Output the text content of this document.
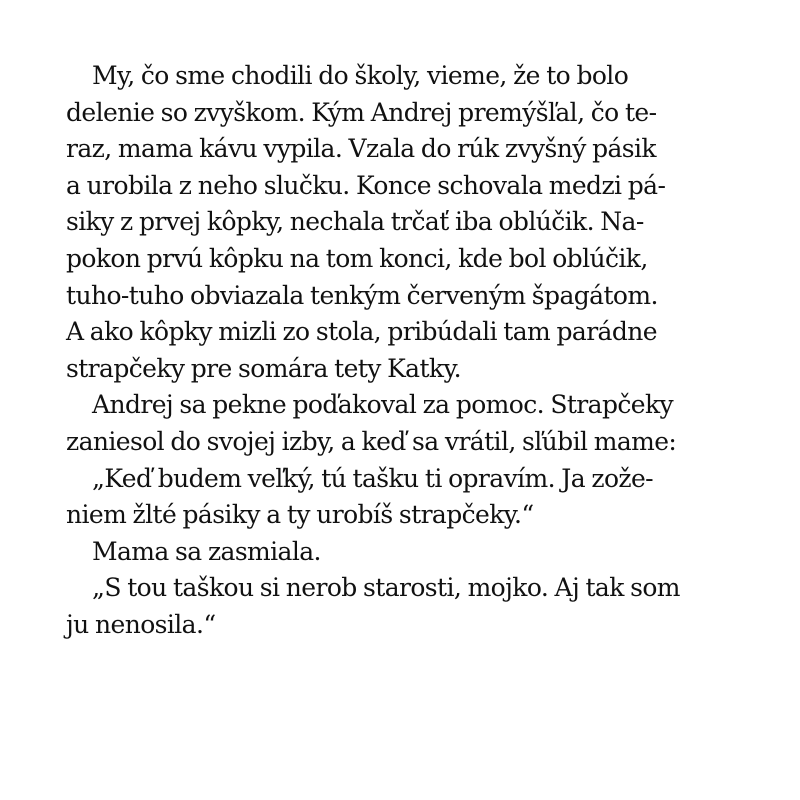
My, čo sme chodili do školy, vieme, že to bolo
delenie so zvyškom. Kým Andrej premýšľal, čo te-
raz, mama kávu vypila. Vzala do rúk zvyšný pásik
a urobila z neho slučku. Konce schovala medzi pá-
siky z prvej kôpky, nechala trčať iba oblúčik. Na-
pokon prvú kôpku na tom konci, kde bol oblúčik,
tuho-tuho obviazala tenkým červeným špagátom.
A ako kôpky mizli zo stola, pribúdali tam parádne
strapčeky pre somára tety Katky.
Andrej sa pekne poďakoval za pomoc. Strapčeky
zaniesol do svojej izby, a keď sa vrátil, sľúbil mame:
„Keď budem veľký, tú tašku ti opravím. Ja zože-
niem žlté pásiky a ty urobíš strapčeky.“
Mama sa zasmiala.
„S tou taškou si nerob starosti, mojko. Aj tak som
ju nenosila.“
